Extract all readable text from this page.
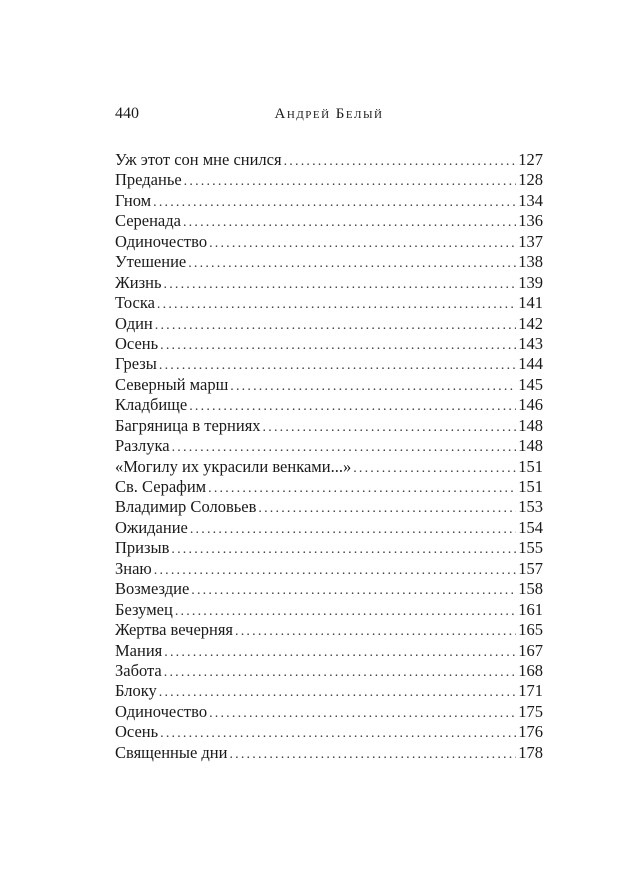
440	Андрей Белый
Уж этот сон мне снился .....	127
Преданье .....	128
Гном .....	134
Серенада .....	136
Одиночество .....	137
Утешение .....	138
Жизнь .....	139
Тоска .....	141
Один .....	142
Осень .....	143
Грезы .....	144
Северный марш .....	145
Кладбище .....	146
Багряница в терниях .....	148
Разлука .....	148
«Могилу их украсили венками...» .....	151
Св. Серафим .....	151
Владимир Соловьев .....	153
Ожидание .....	154
Призыв .....	155
Знаю .....	157
Возмездие .....	158
Безумец .....	161
Жертва вечерняя .....	165
Мания .....	167
Забота .....	168
Блоку .....	171
Одиночество .....	175
Осень .....	176
Священные дни .....	178
